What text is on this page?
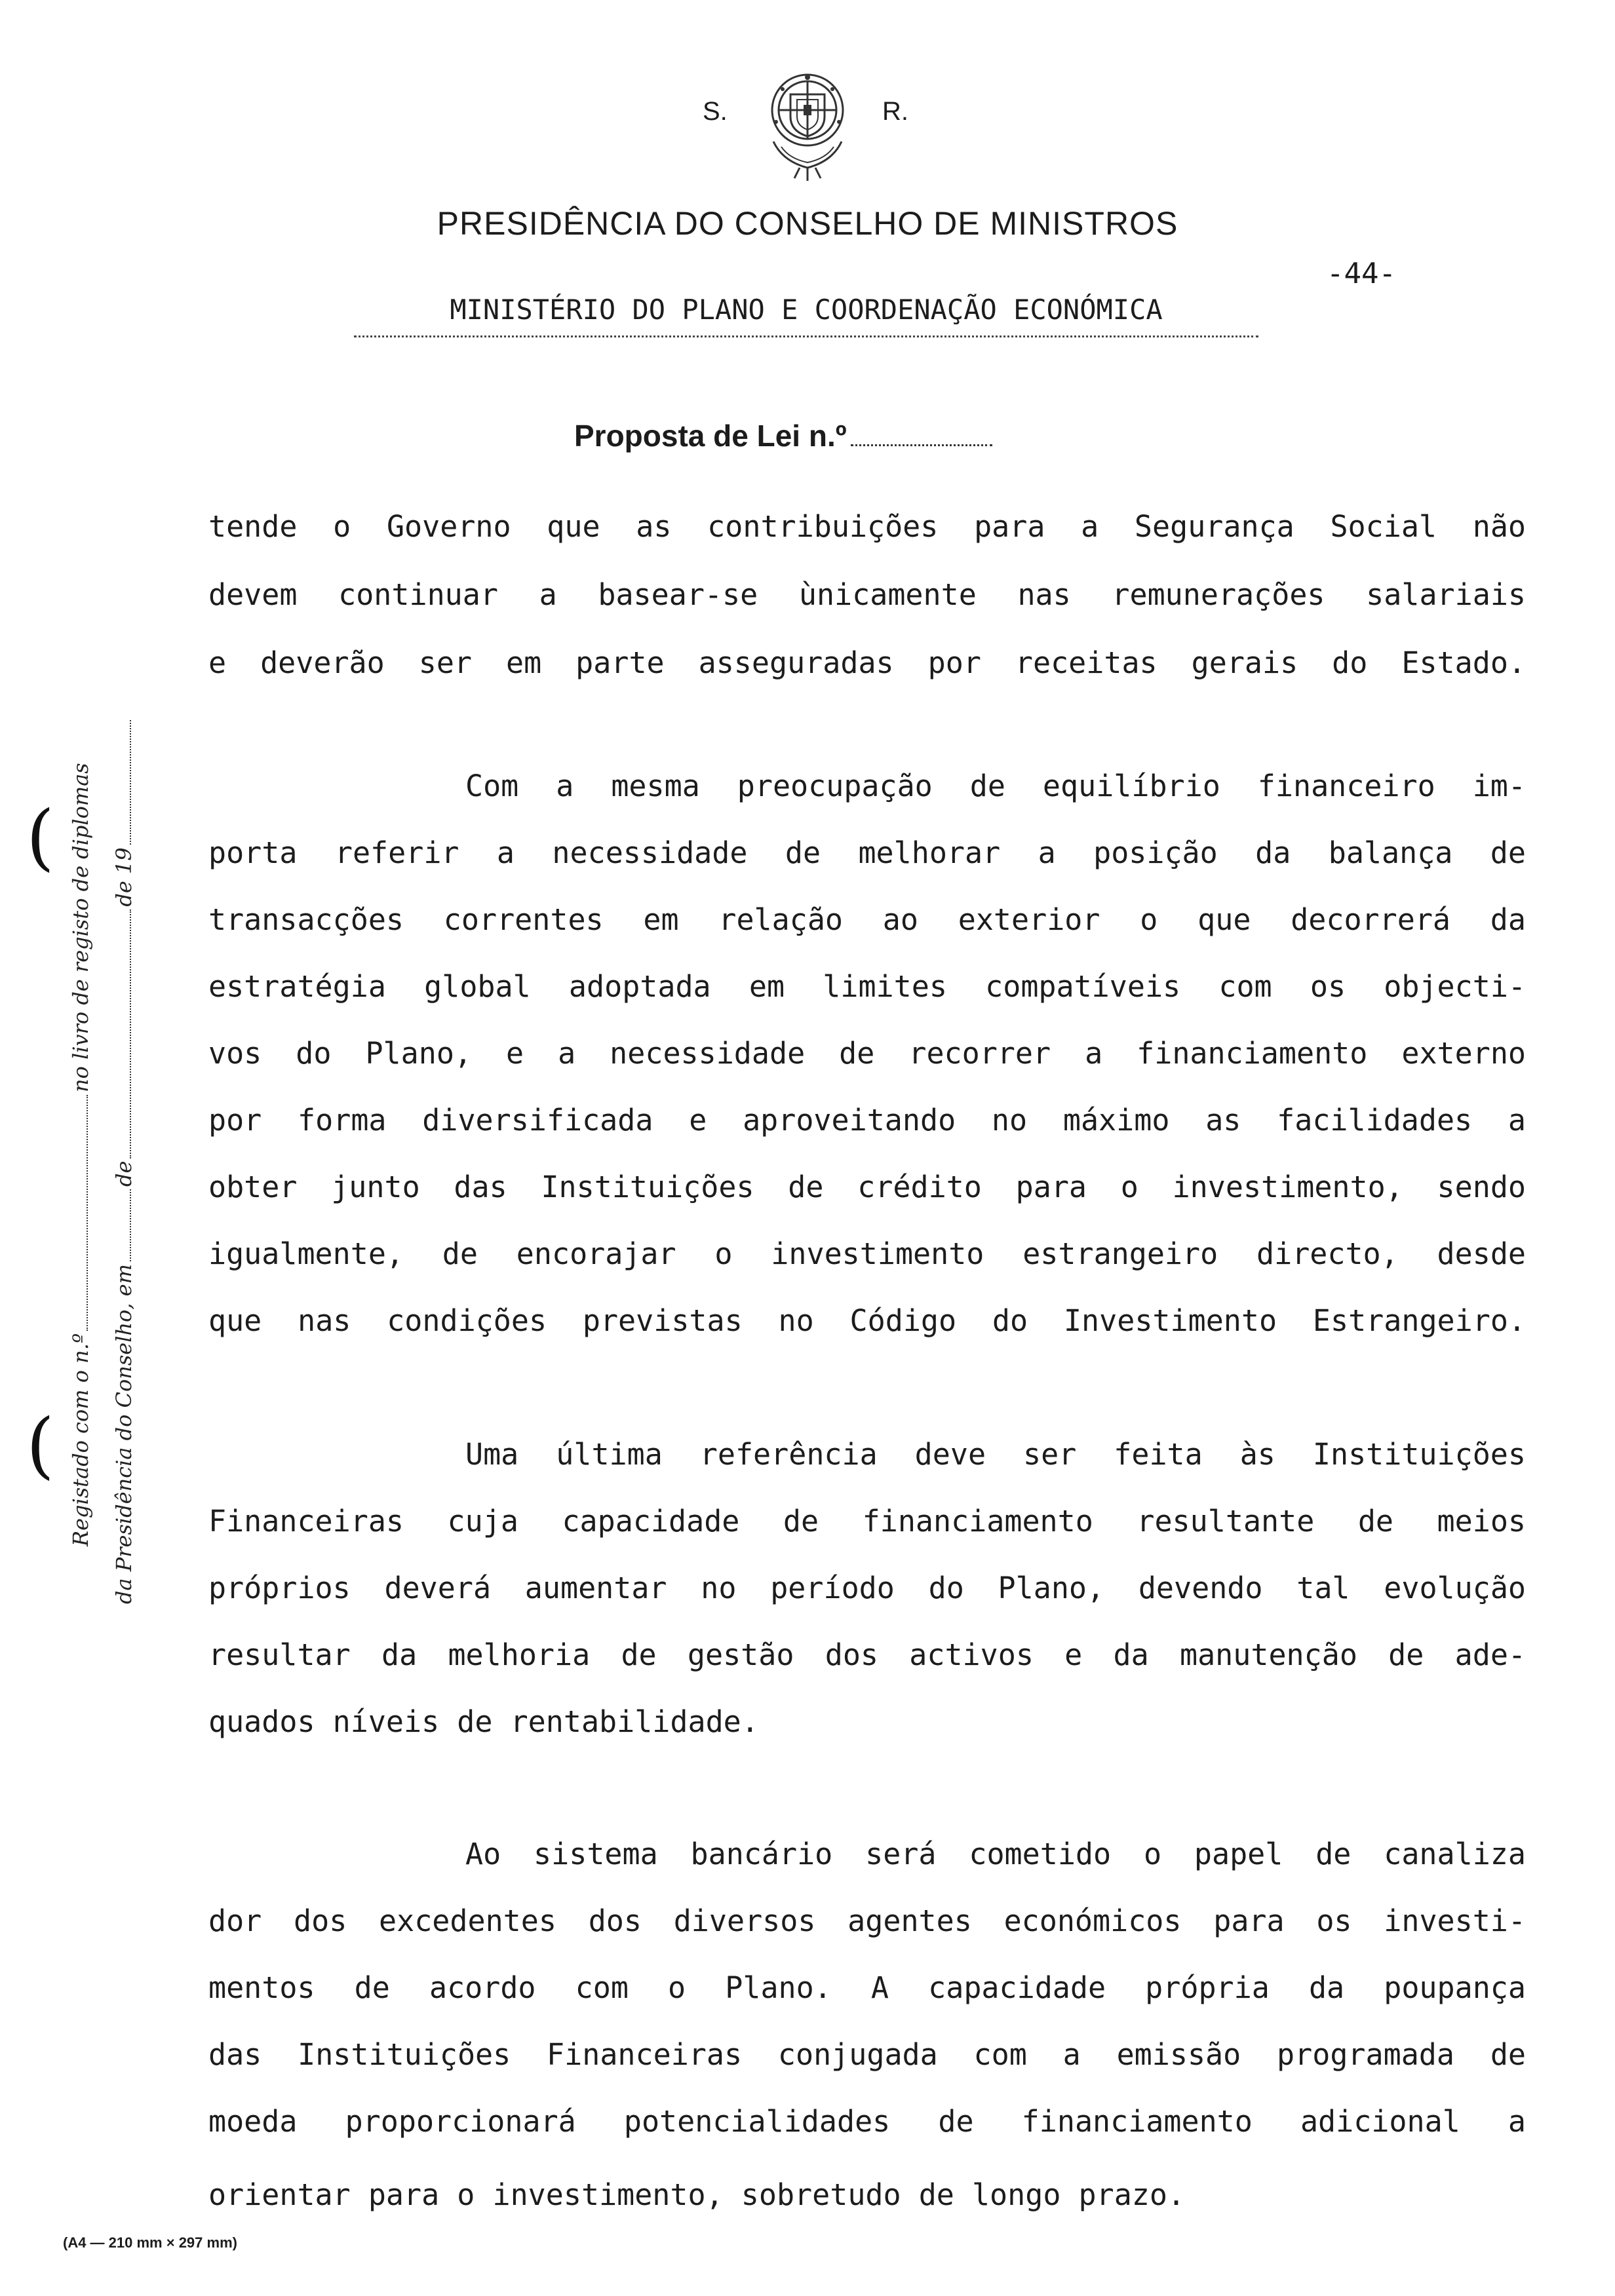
S.	R.
PRESIDÊNCIA DO CONSELHO DE MINISTROS
-44-
MINISTÉRIO DO PLANO E COORDENAÇÃO ECONÓMICA
Proposta de Lei n.º
(
( Registado com o n.ºno livro de registo de diplomas
da Presidência do Conselho, emdede 19
tende o Governo que as contribuições para a Segurança Social não
devem continuar a basear-se ùnicamente nas remunerações salariais
e deverão ser em parte asseguradas por receitas gerais do Estado.
Com a mesma preocupação de equilíbrio financeiro im-
porta referir a necessidade de melhorar a posição da balança de
transacções correntes em relação ao exterior o que decorrerá da
estratégia global adoptada em limites compatíveis com os objecti-
vos do Plano, e a necessidade de recorrer a financiamento externo
por forma diversificada e aproveitando no máximo as facilidades a
obter junto das Instituições de crédito para o investimento, sendo
igualmente, de encorajar o investimento estrangeiro directo, desde
que nas condições previstas no Código do Investimento Estrangeiro.
Uma última referência deve ser feita às Instituições
Financeiras cuja capacidade de financiamento resultante de meios
próprios deverá aumentar no período do Plano, devendo tal evolução
resultar da melhoria de gestão dos activos e da manutenção de ade-
quados níveis de rentabilidade.
Ao sistema bancário será cometido o papel de canaliza
dor dos excedentes dos diversos agentes económicos para os investi-
mentos de acordo com o Plano. A capacidade própria da poupança
das Instituições Financeiras conjugada com a emissão programada de
moeda proporcionará potencialidades de financiamento adicional a
orientar para o investimento, sobretudo de longo prazo.
(A4 — 210 mm × 297 mm)
